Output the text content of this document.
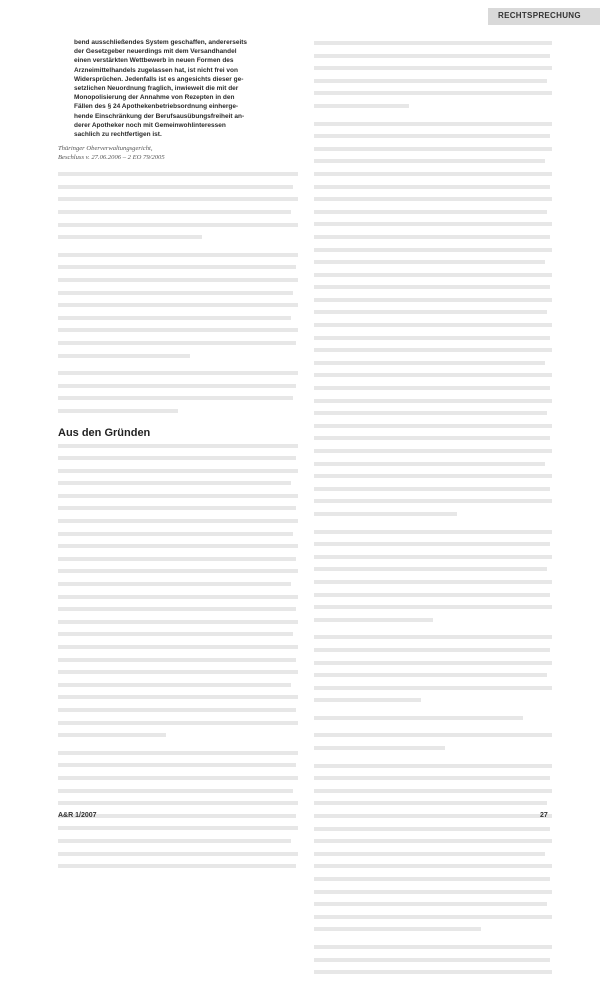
RECHTSPRECHUNG
bend ausschließendes System geschaffen, andererseits
der Gesetzgeber neuerdings mit dem Versandhandel
einen verstärkten Wettbewerb in neuen Formen des
Arzneimittelhandels zugelassen hat, ist nicht frei von
Widersprüchen. Jedenfalls ist es angesichts dieser ge-
setzlichen Neuordnung fraglich, inwieweit die mit der
Monopolisierung der Annahme von Rezepten in den
Fällen des § 24 Apothekenbetriebsordnung einherge-
hende Einschränkung der Berufsausübungsfreiheit an-
derer Apotheker noch mit Gemeinwohlinteressen
sachlich zu rechtfertigen ist.
Thüringer Oberverwaltungsgericht,
Beschluss v. 27.06.2006 – 2 EO 79/2005
Aus den Gründen
A&R 1/2007	27
